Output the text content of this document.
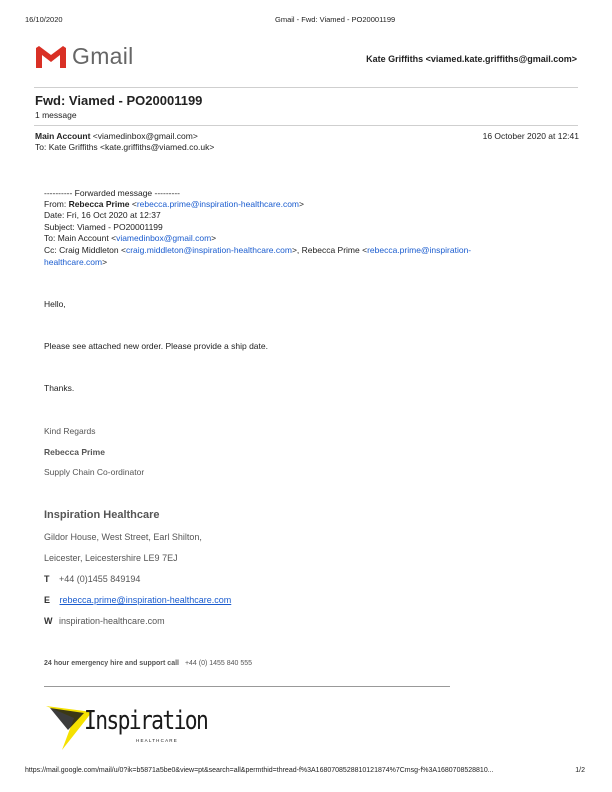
16/10/2020	Gmail - Fwd: Viamed - PO20001199
Gmail	Kate Griffiths <viamed.kate.griffiths@gmail.com>
Fwd: Viamed - PO20001199
1 message
Main Account <viamedinbox@gmail.com>	16 October 2020 at 12:41
To: Kate Griffiths <kate.griffiths@viamed.co.uk>
---------- Forwarded message ---------
From: Rebecca Prime <rebecca.prime@inspiration-healthcare.com>
Date: Fri, 16 Oct 2020 at 12:37
Subject: Viamed - PO20001199
To: Main Account <viamedinbox@gmail.com>
Cc: Craig Middleton <craig.middleton@inspiration-healthcare.com>, Rebecca Prime <rebecca.prime@inspiration-
healthcare.com>
Hello,
Please see attached new order. Please provide a ship date.
Thanks.
Kind Regards
Rebecca Prime
Supply Chain Co-ordinator
Inspiration Healthcare
Gildor House, West Street, Earl Shilton,
Leicester, Leicestershire LE9 7EJ
T +44 (0)1455 849194
E rebecca.prime@inspiration-healthcare.com
W inspiration-healthcare.com
24 hour emergency hire and support call +44 (0) 1455 840 555
Inspiration
HEALTHCARE
https://mail.google.com/mail/u/0?ik=b5871a5be0&view=pt&search=all&permthid=thread-f%3A1680708528810121874%7Cmsg-f%3A1680708528810...	1/2
